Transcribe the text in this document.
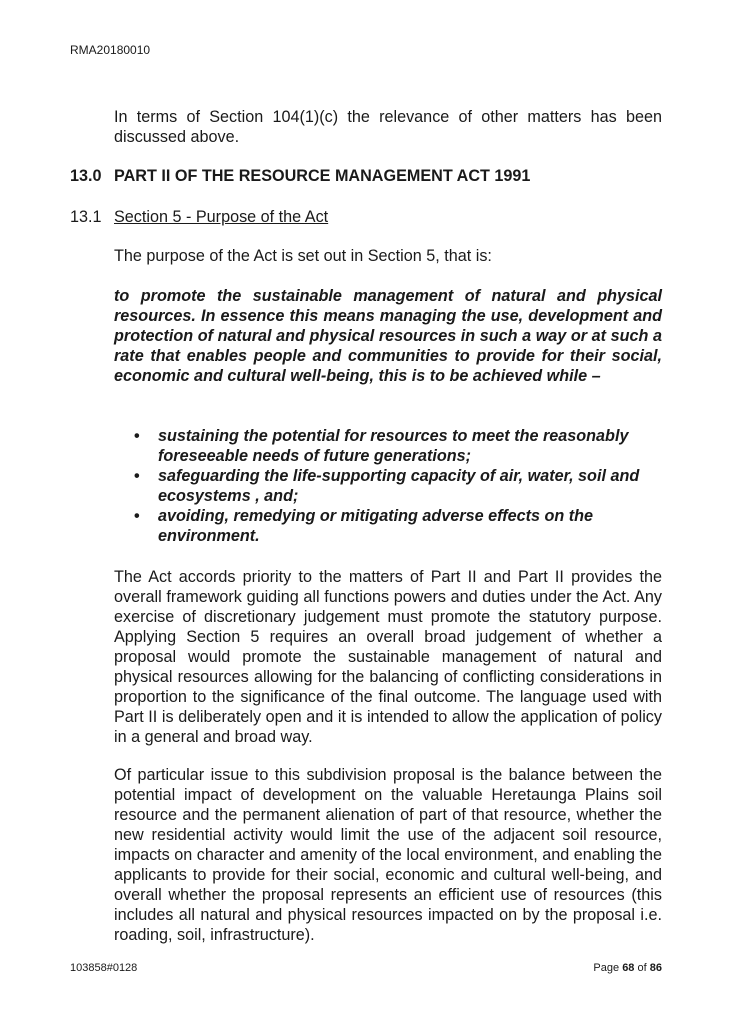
RMA20180010

In terms of Section 104(1)(c) the relevance of other matters has been discussed above.

13.0 PART II OF THE RESOURCE MANAGEMENT ACT 1991
13.1 Section 5 - Purpose of the Act

The purpose of the Act is set out in Section 5, that is:

to promote the sustainable management of natural and physical resources. In essence this means managing the use, development and protection of natural and physical resources in such a way or at such a rate that enables people and communities to provide for their social, economic and cultural well-being, this is to be achieved while –

• sustaining the potential for resources to meet the reasonably foreseeable needs of future generations;
• safeguarding the life-supporting capacity of air, water, soil and ecosystems , and;
• avoiding, remedying or mitigating adverse effects on the environment.

The Act accords priority to the matters of Part II and Part II provides the overall framework guiding all functions powers and duties under the Act. Any exercise of discretionary judgement must promote the statutory purpose. Applying Section 5 requires an overall broad judgement of whether a proposal would promote the sustainable management of natural and physical resources allowing for the balancing of conflicting considerations in proportion to the significance of the final outcome. The language used with Part II is deliberately open and it is intended to allow the application of policy in a general and broad way.

Of particular issue to this subdivision proposal is the balance between the potential impact of development on the valuable Heretaunga Plains soil resource and the permanent alienation of part of that resource, whether the new residential activity would limit the use of the adjacent soil resource, impacts on character and amenity of the local environment, and enabling the applicants to provide for their social, economic and cultural well-being, and overall whether the proposal represents an efficient use of resources (this includes all natural and physical resources impacted on by the proposal i.e. roading, soil, infrastructure).

103858#0128	Page 68 of 86
